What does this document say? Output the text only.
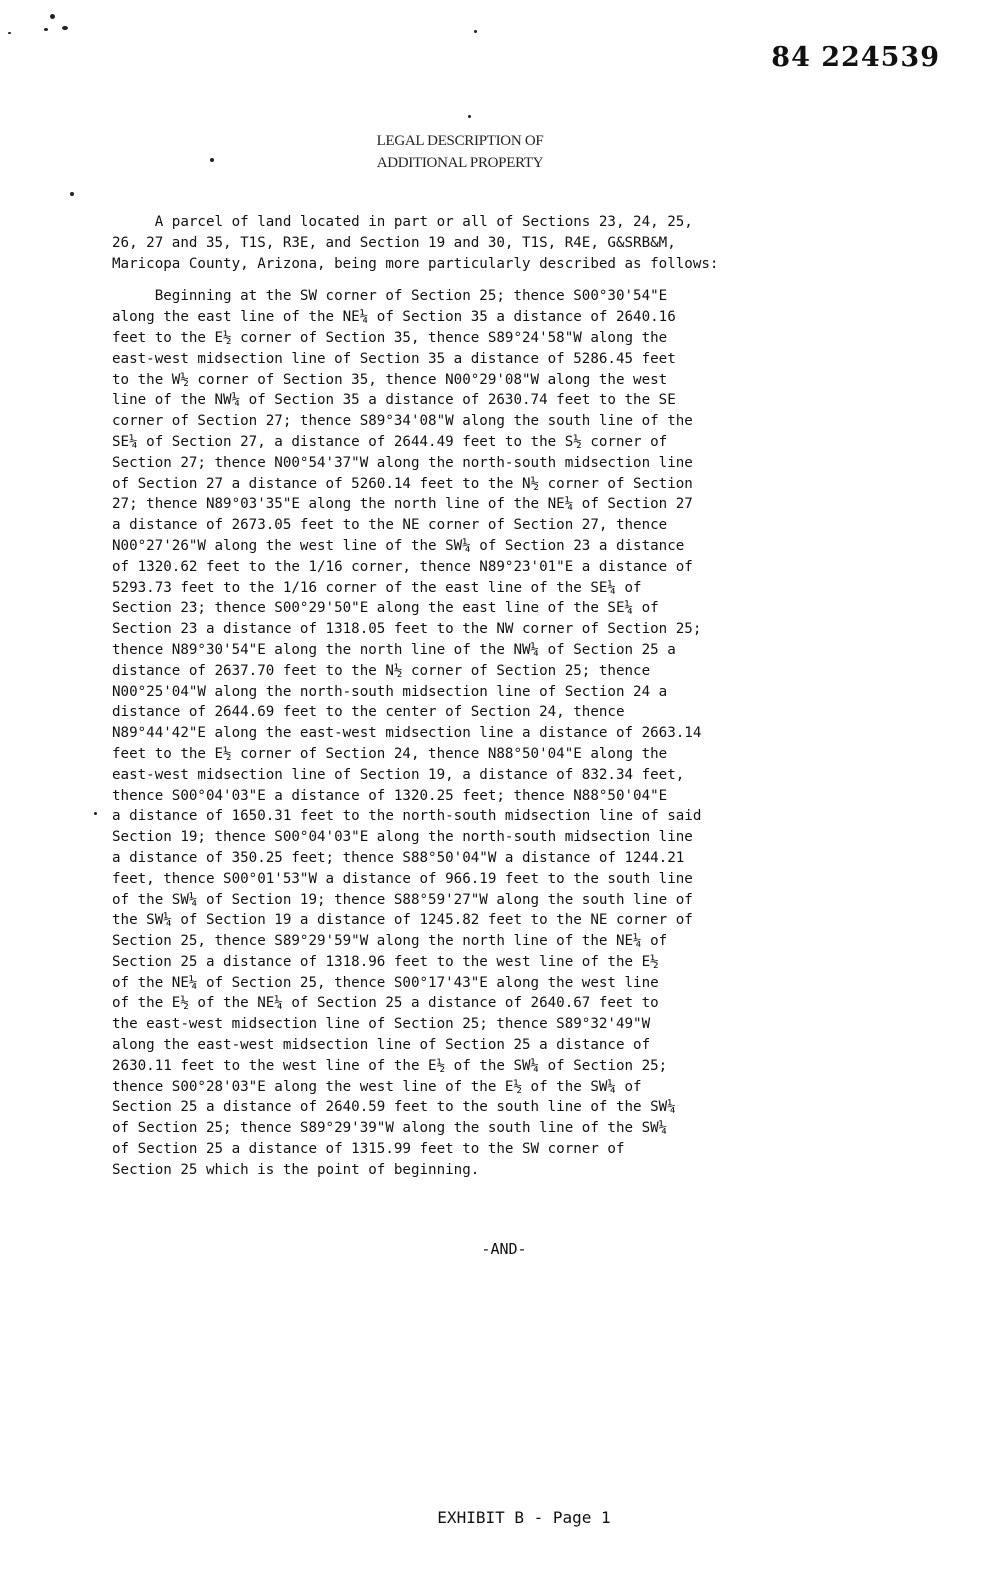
84 224539
LEGAL DESCRIPTION OF
ADDITIONAL PROPERTY

A parcel of land located in part or all of Sections 23, 24, 25,
26, 27 and 35, T1S, R3E, and Section 19 and 30, T1S, R4E, G&SRB&M,
Maricopa County, Arizona, being more particularly described as follows:

Beginning at the SW corner of Section 25; thence S00°30'54"E
along the east line of the NE¼ of Section 35 a distance of 2640.16
feet to the E½ corner of Section 35, thence S89°24'58"W along the
east-west midsection line of Section 35 a distance of 5286.45 feet
to the W½ corner of Section 35, thence N00°29'08"W along the west
line of the NW¼ of Section 35 a distance of 2630.74 feet to the SE
corner of Section 27; thence S89°34'08"W along the south line of the
SE¼ of Section 27, a distance of 2644.49 feet to the S½ corner of
Section 27; thence N00°54'37"W along the north-south midsection line
of Section 27 a distance of 5260.14 feet to the N½ corner of Section
27; thence N89°03'35"E along the north line of the NE¼ of Section 27
a distance of 2673.05 feet to the NE corner of Section 27, thence
N00°27'26"W along the west line of the SW¼ of Section 23 a distance
of 1320.62 feet to the 1/16 corner, thence N89°23'01"E a distance of
5293.73 feet to the 1/16 corner of the east line of the SE¼ of
Section 23; thence S00°29'50"E along the east line of the SE¼ of
Section 23 a distance of 1318.05 feet to the NW corner of Section 25;
thence N89°30'54"E along the north line of the NW¼ of Section 25 a
distance of 2637.70 feet to the N½ corner of Section 25; thence
N00°25'04"W along the north-south midsection line of Section 24 a
distance of 2644.69 feet to the center of Section 24, thence
N89°44'42"E along the east-west midsection line a distance of 2663.14
feet to the E½ corner of Section 24, thence N88°50'04"E along the
east-west midsection line of Section 19, a distance of 832.34 feet,
thence S00°04'03"E a distance of 1320.25 feet; thence N88°50'04"E
a distance of 1650.31 feet to the north-south midsection line of said
Section 19; thence S00°04'03"E along the north-south midsection line
a distance of 350.25 feet; thence S88°50'04"W a distance of 1244.21
feet, thence S00°01'53"W a distance of 966.19 feet to the south line
of the SW¼ of Section 19; thence S88°59'27"W along the south line of
the SW¼ of Section 19 a distance of 1245.82 feet to the NE corner of
Section 25, thence S89°29'59"W along the north line of the NE¼ of
Section 25 a distance of 1318.96 feet to the west line of the E½
of the NE¼ of Section 25, thence S00°17'43"E along the west line
of the E½ of the NE¼ of Section 25 a distance of 2640.67 feet to
the east-west midsection line of Section 25; thence S89°32'49"W
along the east-west midsection line of Section 25 a distance of
2630.11 feet to the west line of the E½ of the SW¼ of Section 25;
thence S00°28'03"E along the west line of the E½ of the SW¼ of
Section 25 a distance of 2640.59 feet to the south line of the SW¼
of Section 25; thence S89°29'39"W along the south line of the SW¼
of Section 25 a distance of 1315.99 feet to the SW corner of
Section 25 which is the point of beginning.

-AND-
EXHIBIT B - Page 1
